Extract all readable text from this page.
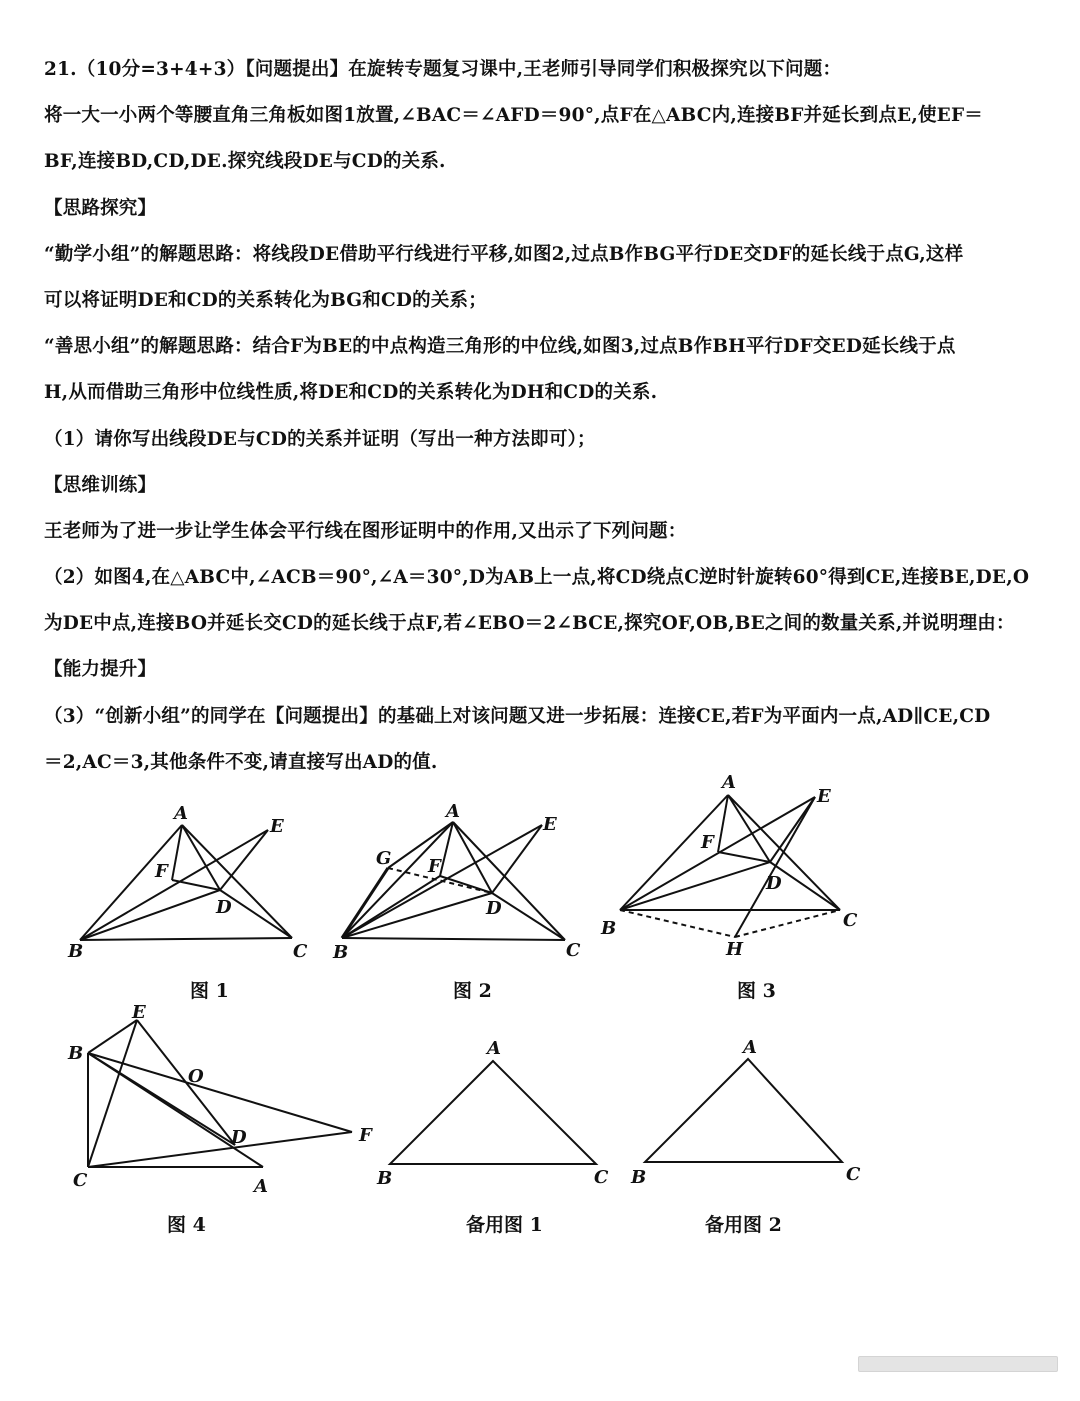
21.（10分=3+4+3）【问题提出】在旋转专题复习课中,王老师引导同学们积极探究以下问题：
将一大一小两个等腰直角三角板如图1放置,∠BAC＝∠AFD＝90°,点F在△ABC内,连接BF并延长到点E,使EF＝
BF,连接BD,CD,DE.探究线段DE与CD的关系.
【思路探究】
“勤学小组”的解题思路：将线段DE借助平行线进行平移,如图2,过点B作BG平行DE交DF的延长线于点G,这样
可以将证明DE和CD的关系转化为BG和CD的关系；
“善思小组”的解题思路：结合F为BE的中点构造三角形的中位线,如图3,过点B作BH平行DF交ED延长线于点
H,从而借助三角形中位线性质,将DE和CD的关系转化为DH和CD的关系.
（1）请你写出线段DE与CD的关系并证明（写出一种方法即可）；
【思维训练】
王老师为了进一步让学生体会平行线在图形证明中的作用,又出示了下列问题：
（2）如图4,在△ABC中,∠ACB＝90°,∠A＝30°,D为AB上一点,将CD绕点C逆时针旋转60°得到CE,连接BE,DE,O
为DE中点,连接BO并延长交CD的延长线于点F,若∠EBO＝2∠BCE,探究OF,OB,BE之间的数量关系,并说明理由：
【能力提升】
（3）“创新小组”的同学在【问题提出】的基础上对该问题又进一步拓展：连接CE,若F为平面内一点,AD∥CE,CD
＝2,AC＝3,其他条件不变,请直接写出AD的值.
A
B	C
D
E
F
图 1
A
B	C
D
E
F
G
图 2
A
B	C
D
E
F
H
图 3
E
B
O
D	F
C	A
图 4
A
B	C
备用图 1
A
B	C
备用图 2
